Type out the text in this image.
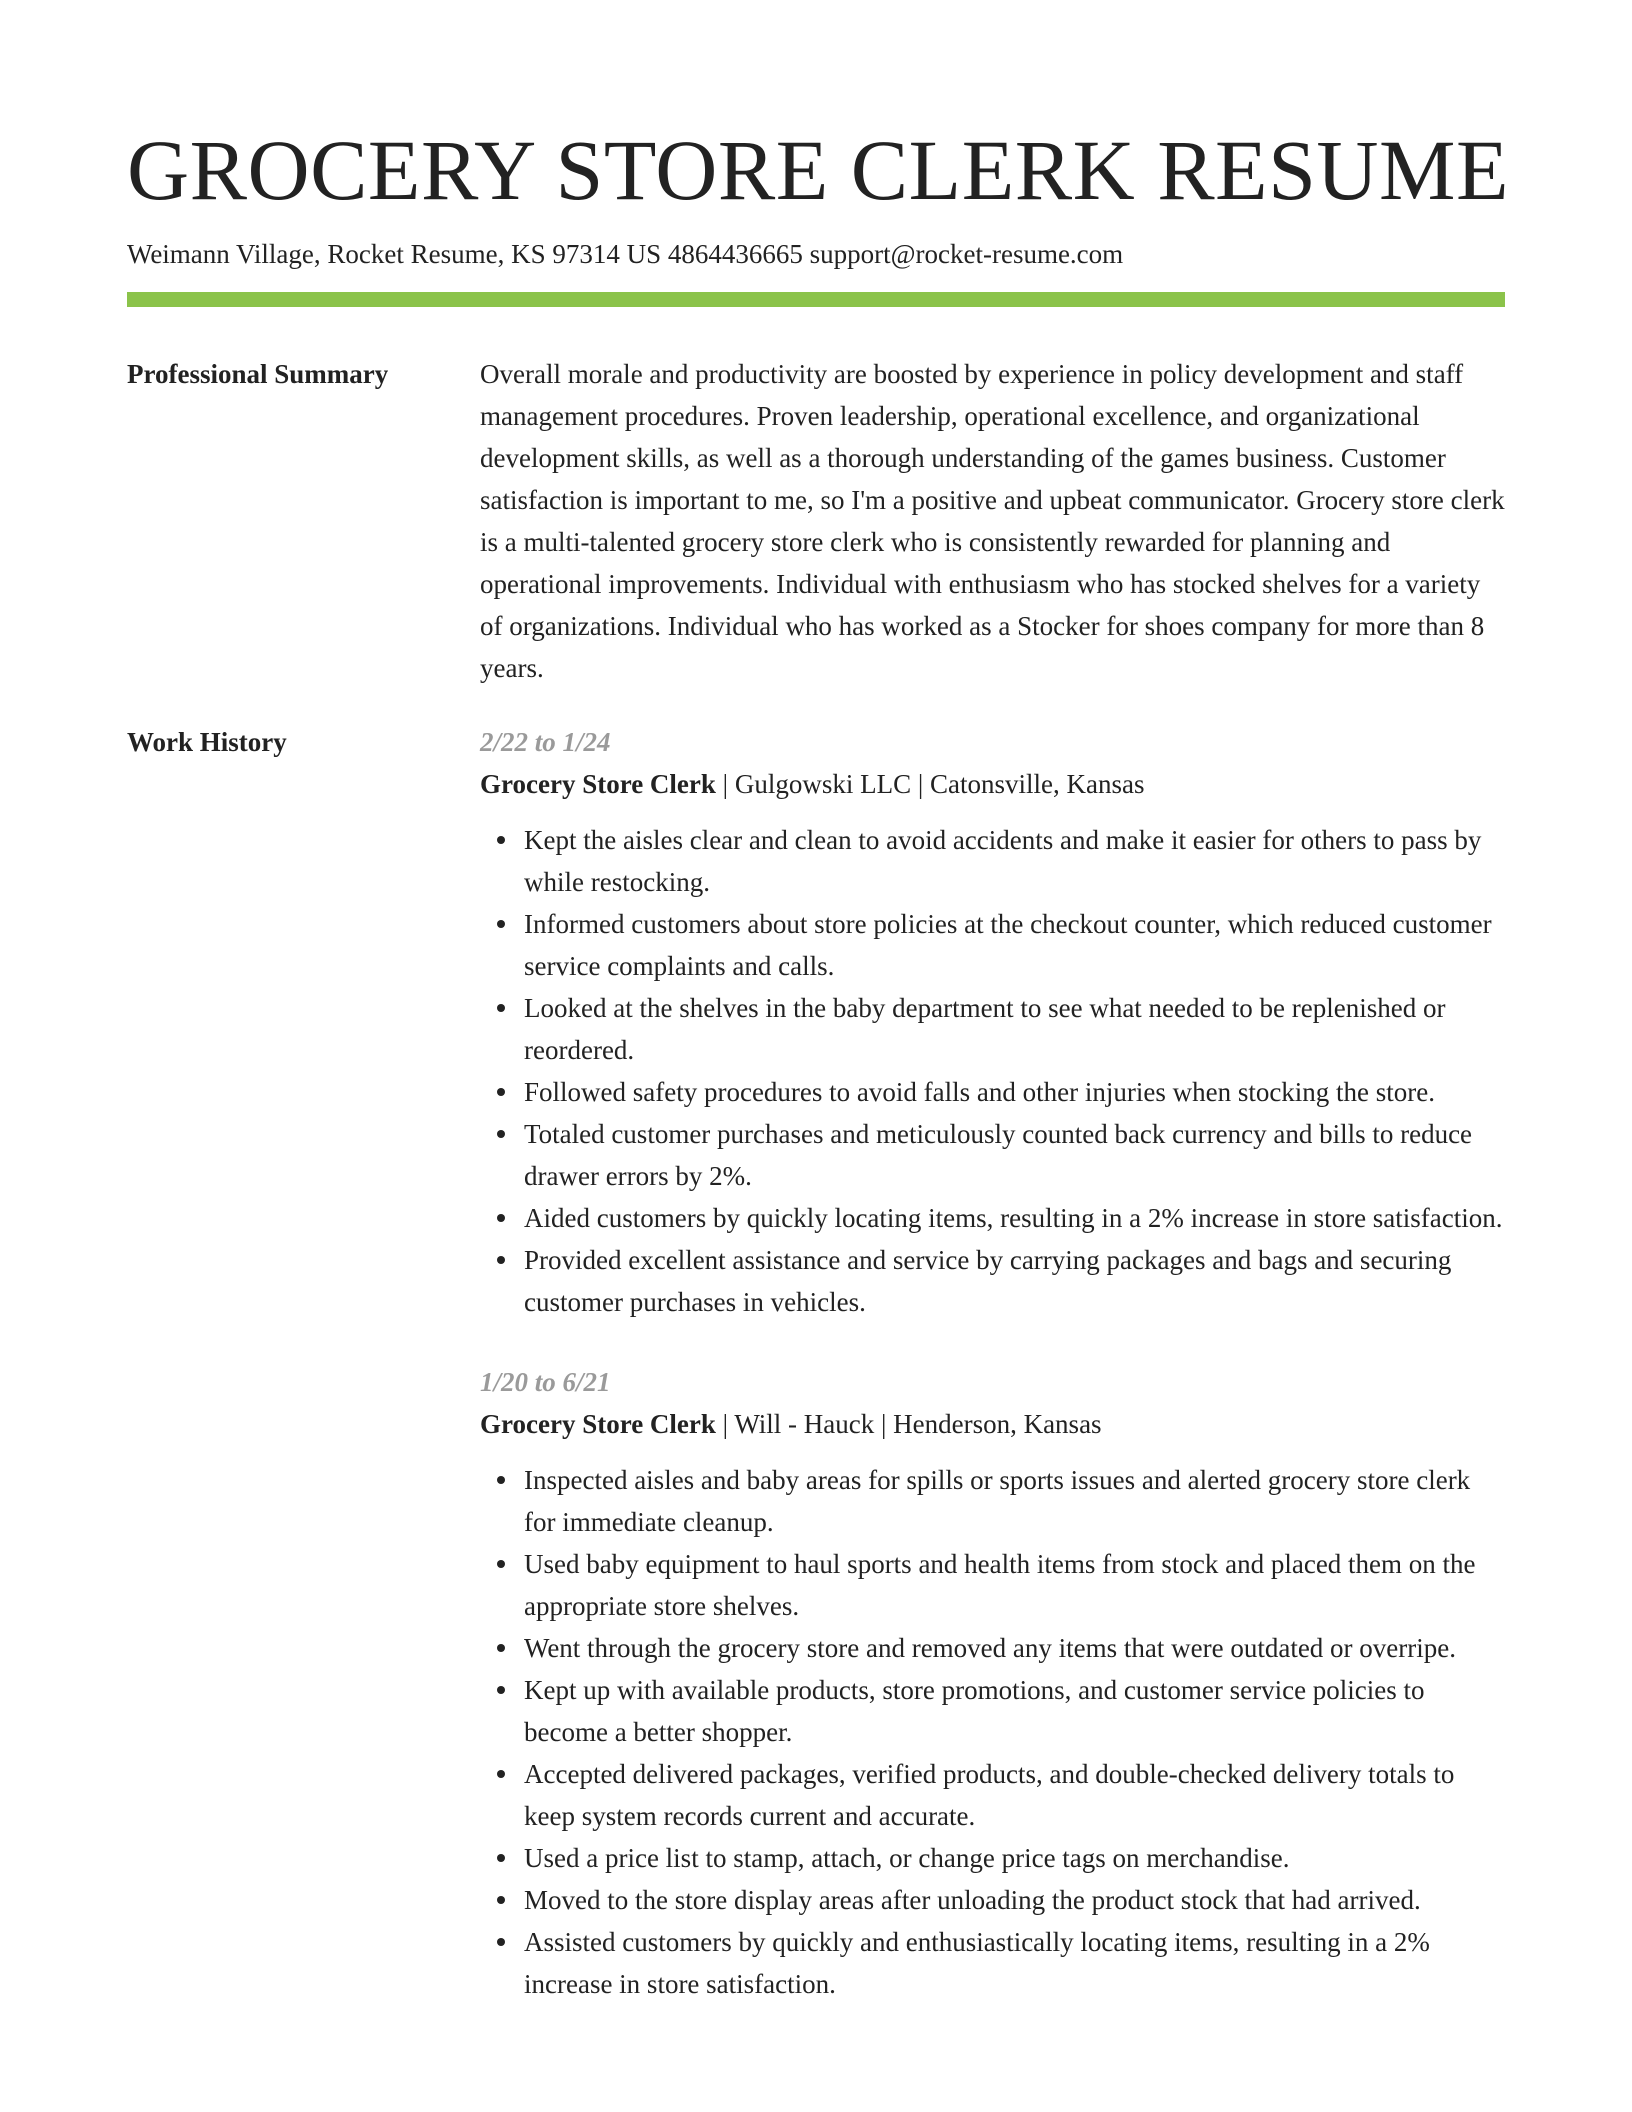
GROCERY STORE CLERK RESUME
Weimann Village, Rocket Resume, KS 97314 US 4864436665 support@rocket-resume.com
Professional Summary	Overall morale and productivity are boosted by experience in policy development and staff management procedures. Proven leadership, operational excellence, and organizational development skills, as well as a thorough understanding of the games business. Customer satisfaction is important to me, so I'm a positive and upbeat communicator. Grocery store clerk is a multi-talented grocery store clerk who is consistently rewarded for planning and operational improvements. Individual with enthusiasm who has stocked shelves for a variety of organizations. Individual who has worked as a Stocker for shoes company for more than 8 years.

Work History	2/22 to 1/24
Grocery Store Clerk | Gulgowski LLC | Catonsville, Kansas
Kept the aisles clear and clean to avoid accidents and make it easier for others to pass by while restocking.
Informed customers about store policies at the checkout counter, which reduced customer service complaints and calls.
Looked at the shelves in the baby department to see what needed to be replenished or reordered.
Followed safety procedures to avoid falls and other injuries when stocking the store.
Totaled customer purchases and meticulously counted back currency and bills to reduce drawer errors by 2%.
Aided customers by quickly locating items, resulting in a 2% increase in store satisfaction.
Provided excellent assistance and service by carrying packages and bags and securing customer purchases in vehicles.
1/20 to 6/21
Grocery Store Clerk | Will - Hauck | Henderson, Kansas
Inspected aisles and baby areas for spills or sports issues and alerted grocery store clerk for immediate cleanup.
Used baby equipment to haul sports and health items from stock and placed them on the appropriate store shelves.
Went through the grocery store and removed any items that were outdated or overripe.
Kept up with available products, store promotions, and customer service policies to become a better shopper.
Accepted delivered packages, verified products, and double-checked delivery totals to keep system records current and accurate.
Used a price list to stamp, attach, or change price tags on merchandise.
Moved to the store display areas after unloading the product stock that had arrived.
Assisted customers by quickly and enthusiastically locating items, resulting in a 2% increase in store satisfaction.
